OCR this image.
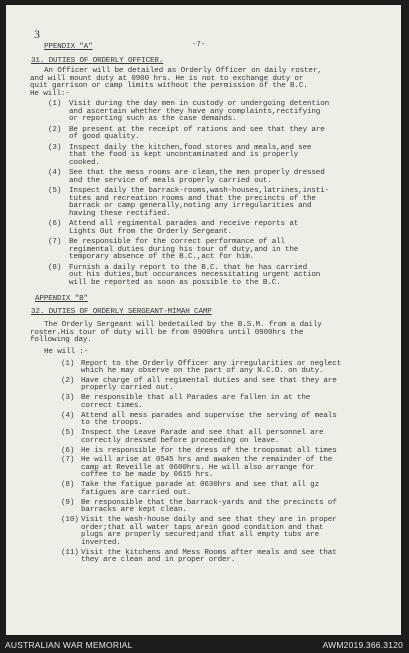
3
PPENDIX "A"	-7-
31. DUTIES OF ORDERLY OFFICER.
An Officer will be detailed as Orderly Officer on daily roster,
and will mount duty at 0900 hrs. He is not to exchange duty or
quit garrison or camp limits without the permission of the B.C.
He will:-
(1) Visit during the day men in custody or undergoing detention
and ascertain whether they have any complaints,rectifying
or reporting such as the case demands.
(2) Be present at the receipt of rations and see that they are
of good quality.
(3) Inspect daily the kitchen,food stores and meals,and see
that the food is kept uncontaminated and is properly
cooked.
(4) See that the mess rooms are clean,the men properly dressed
and the service of meals properly carried out.
(5) Inspect daily the barrack-rooms,wash-houses,latrines,insti-
tutes and recreation rooms and that the precincts of the
barrack or camp generally,noting any irregularities and
having these rectified.
(6) Attend all regimental parades and receive reports at
Lights Out from the Orderly Sergeant.
(7) Be responsible for the correct performance of all
regimental duties during his tour of duty,and in the
temporary absence of the B.C.,act for him.
(8) Furnish a daily report to the B.C. that he has carried
out his duties,but occurances necessitating urgent action
will be reported as soon as possible to the B.C.
APPENDIX "B"
32. DUTIES OF ORDERLY SERGEANT-MIMAH CAMP
The Orderly Sergeant will bedetailed by the B.S.M. from a daily
roster.His tour of duty will be from 0900hrs until 0900hrs the
following day.
He will :-
(1) Report to the Orderly Officer any irregularities or neglect
which he may observe on the part of any N.C.O. on duty.
(2) Have charge of all regimental duties and see that they are
properly carried out.
(3) Be responsible that all Parades are fallen in at the
correct times.
(4) Attend all mess parades and supervise the serving of meals
to the troops.
(5) Inspect the Leave Parade and see that all personnel are
correctly dressed before proceeding on leave.
(6) He is responsible for the dress of the troopsmat all times
(7) He will arise at 0545 hrs and awaken the remainder of the
camp at Reveille at 0600hrs. He will also arrange for
coffee to be made by 0615 hrs.
(8) Take the fatigue parade at 0630hrs and see that all gz
fatigues are carried out.
(9) Be responsible that the barrack-yards and the precincts of
barracks are kept clean.
(10) Visit the wash-house daily and see that they are in proper
order;that all water taps arein good condition and that
plugs are properly secured;and that all empty tubs are
inverted.
(11) Visit the kitchens and Mess Rooms after meals and see that
they are clean and in proper order.
AUSTRALIAN WAR MEMORIAL	AWM2019.366.3120
